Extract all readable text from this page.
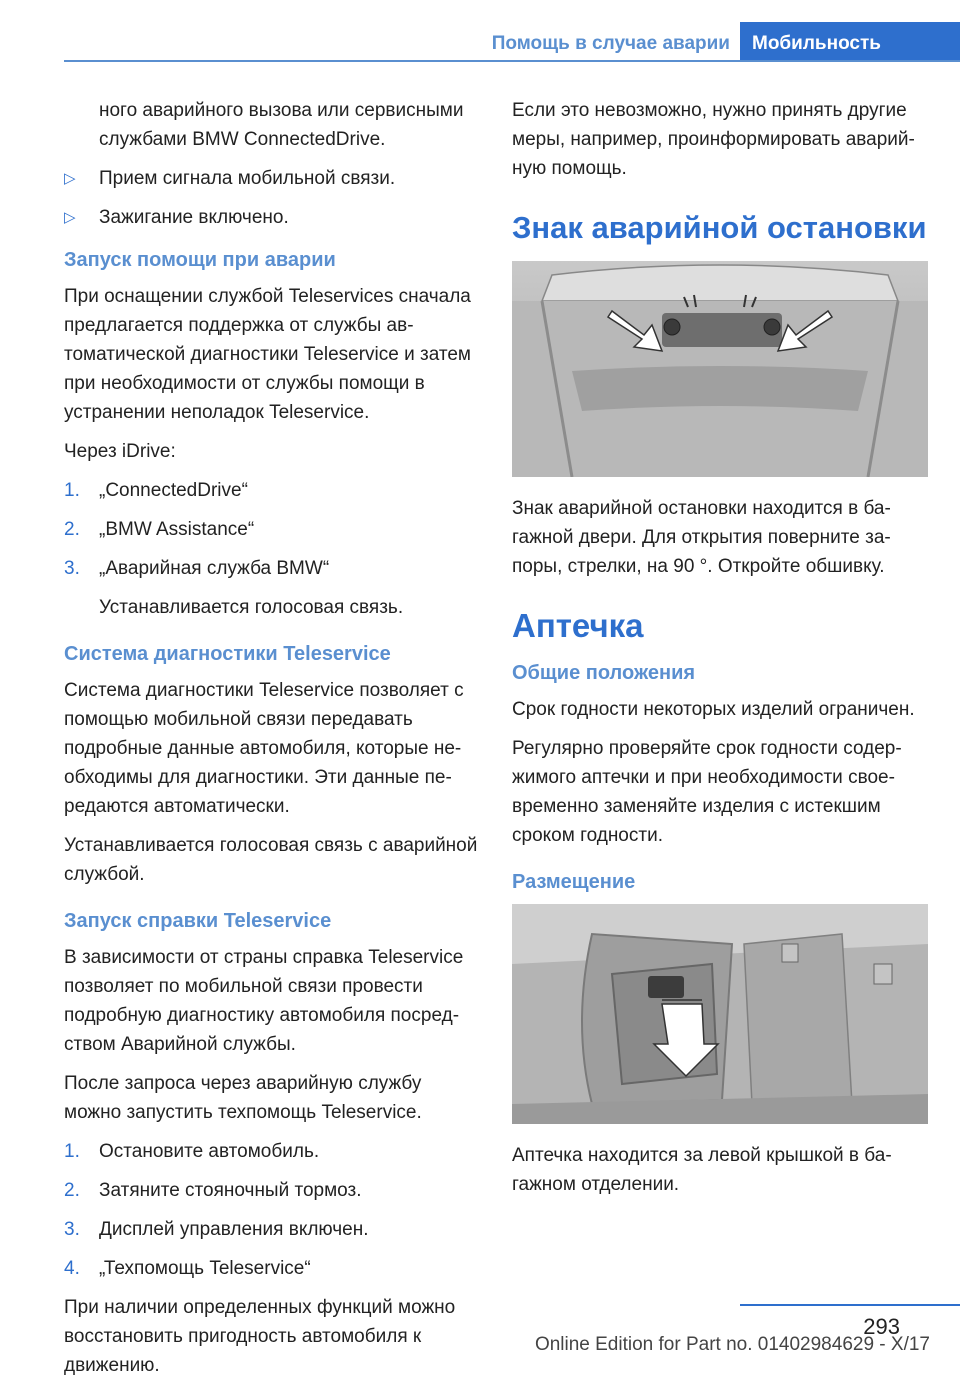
Помощь в случае аварии	Мобильность

ного аварийного вызова или сервисными службами BMW ConnectedDrive.

▷ Прием сигнала мобильной связи.
▷ Зажигание включено.
Запуск помощи при аварии

При оснащении службой Teleservices сначала предлагается поддержка от службы автоматической диагностики Teleservice и затем при необходимости от службы помощи в устранении неполадок Teleservice.

Через iDrive:

1. „ConnectedDrive“
2. „BMW Assistance“
3. „Аварийная служба BMW“

Устанавливается голосовая связь.

Система диагностики Teleservice

Система диагностики Teleservice позволяет с помощью мобильной связи передавать подробные данные автомобиля, которые необходимы для диагностики. Эти данные передаются автоматически.

Устанавливается голосовая связь с аварийной службой.

Запуск справки Teleservice

В зависимости от страны справка Teleservice позволяет по мобильной связи провести подробную диагностику автомобиля посредством Аварийной службы.

После запроса через аварийную службу можно запустить техпомощь Teleservice.

1. Остановите автомобиль.
2. Затяните стояночный тормоз.
3. Дисплей управления включен.
4. „Техпомощь Teleservice“

При наличии определенных функций можно восстановить пригодность автомобиля к движению.

Если это невозможно, нужно принять другие меры, например, проинформировать аварийную помощь.

Знак аварийной остановки

Знак аварийной остановки находится в багажной двери. Для открытия поверните запоры, стрелки, на 90 °. Откройте обшивку.

Аптечка
Общие положения

Срок годности некоторых изделий ограничен.

Регулярно проверяйте срок годности содержимого аптечки и при необходимости своевременно заменяйте изделия с истекшим сроком годности.

Размещение

Аптечка находится за левой крышкой в багажном отделении.

293
Online Edition for Part no. 01402984629 - X/17
